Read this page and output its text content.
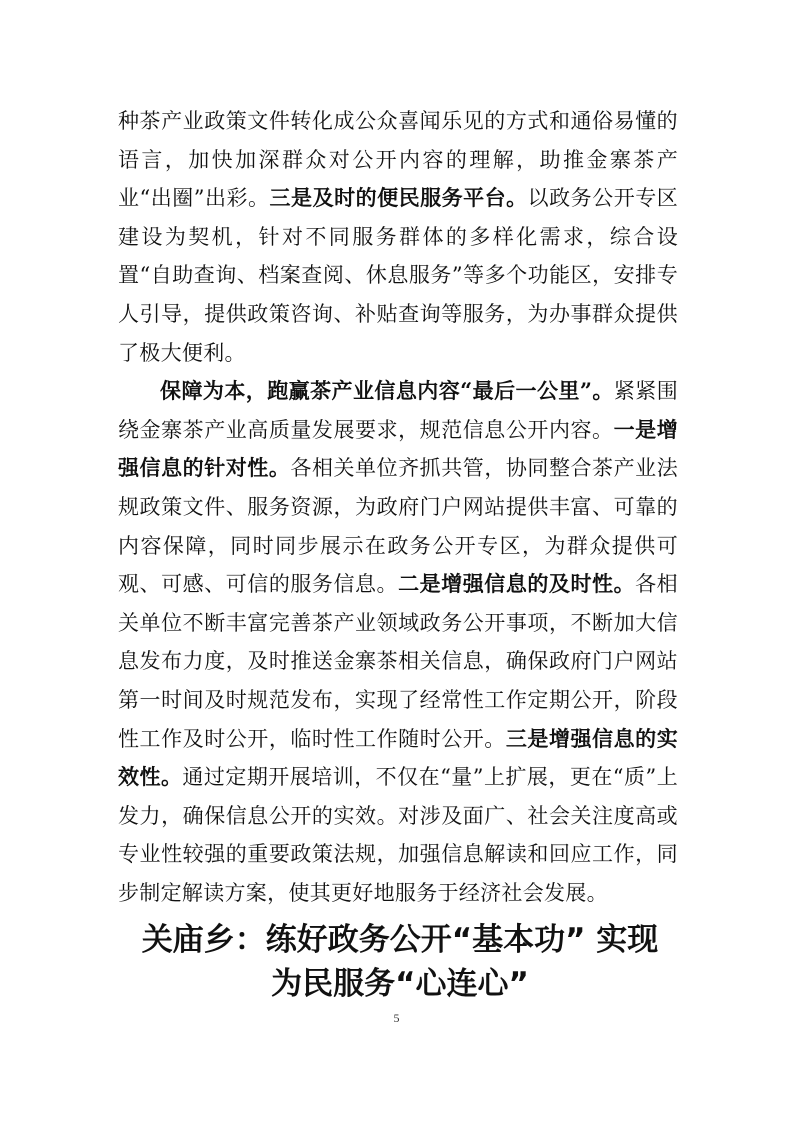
种茶产业政策文件转化成公众喜闻乐见的方式和通俗易懂的语言，加快加深群众对公开内容的理解，助推金寨茶产业“出圈”出彩。三是及时的便民服务平台。以政务公开专区建设为契机，针对不同服务群体的多样化需求，综合设置“自助查询、档案查阅、休息服务”等多个功能区，安排专人引导，提供政策咨询、补贴查询等服务，为办事群众提供了极大便利。

保障为本，跑赢茶产业信息内容“最后一公里”。紧紧围绕金寨茶产业高质量发展要求，规范信息公开内容。一是增强信息的针对性。各相关单位齐抓共管，协同整合茶产业法规政策文件、服务资源，为政府门户网站提供丰富、可靠的内容保障，同时同步展示在政务公开专区，为群众提供可观、可感、可信的服务信息。二是增强信息的及时性。各相关单位不断丰富完善茶产业领域政务公开事项，不断加大信息发布力度，及时推送金寨茶相关信息，确保政府门户网站第一时间及时规范发布，实现了经常性工作定期公开，阶段性工作及时公开，临时性工作随时公开。三是增强信息的实效性。通过定期开展培训，不仅在“量”上扩展，更在“质”上发力，确保信息公开的实效。对涉及面广、社会关注度高或专业性较强的重要政策法规，加强信息解读和回应工作，同步制定解读方案，使其更好地服务于经济社会发展。

关庙乡：练好政务公开“基本功” 实现
为民服务“心连心”
5
